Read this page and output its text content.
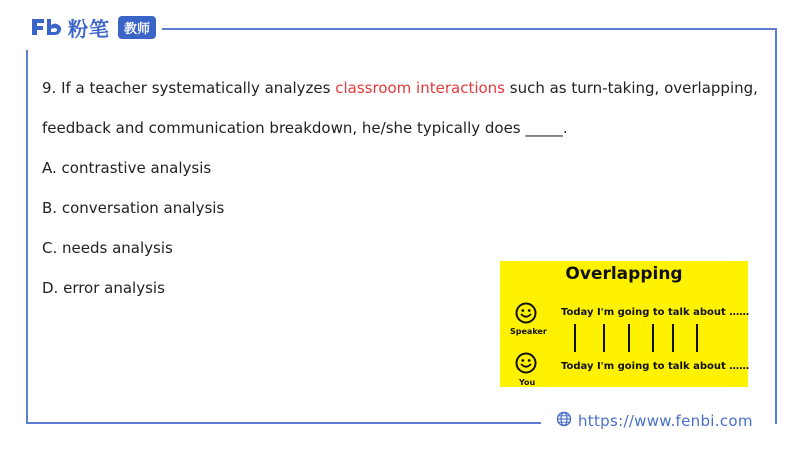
粉笔	教师
9. If a teacher systematically analyzes classroom interactions such as turn-taking, overlapping,
feedback and communication breakdown, he/she typically does _____.
A. contrastive analysis
B. conversation analysis
C. needs analysis
D. error analysis
Overlapping
Speaker
Today I'm going to talk about ……
You
Today I'm going to talk about ……
https://www.fenbi.com
